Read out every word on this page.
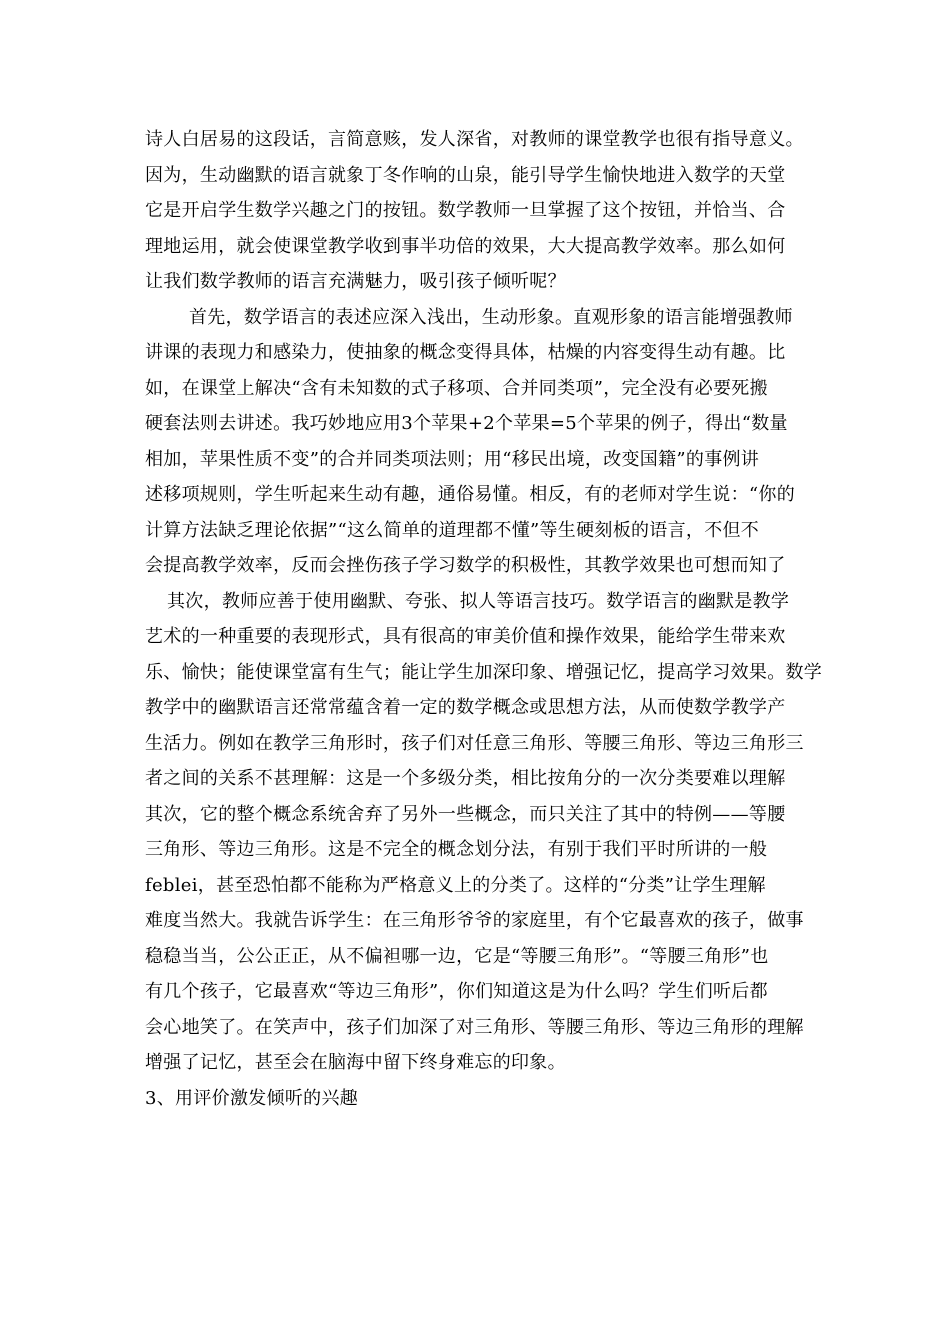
诗人白居易的这段话，言简意赅，发人深省，对教师的课堂教学也很有指导意义。
因为，生动幽默的语言就象丁冬作响的山泉，能引导学生愉快地进入数学的天堂
它是开启学生数学兴趣之门的按钮。数学教师一旦掌握了这个按钮，并恰当、合
理地运用，就会使课堂教学收到事半功倍的效果，大大提高教学效率。那么如何
让我们数学教师的语言充满魅力，吸引孩子倾听呢？
首先，数学语言的表述应深入浅出，生动形象。直观形象的语言能增强教师
讲课的表现力和感染力，使抽象的概念变得具体，枯燥的内容变得生动有趣。比
如，在课堂上解决“含有未知数的式子移项、合并同类项”，完全没有必要死搬
硬套法则去讲述。我巧妙地应用3个苹果+2个苹果=5个苹果的例子，得出“数量
相加，苹果性质不变”的合并同类项法则；用“移民出境，改变国籍”的事例讲
述移项规则，学生听起来生动有趣，通俗易懂。相反，有的老师对学生说：“你的
计算方法缺乏理论依据”“这么简单的道理都不懂”等生硬刻板的语言，不但不
会提高教学效率，反而会挫伤孩子学习数学的积极性，其教学效果也可想而知了
其次，教师应善于使用幽默、夸张、拟人等语言技巧。数学语言的幽默是教学
艺术的一种重要的表现形式，具有很高的审美价值和操作效果，能给学生带来欢
乐、愉快；能使课堂富有生气；能让学生加深印象、增强记忆，提高学习效果。数学
教学中的幽默语言还常常蕴含着一定的数学概念或思想方法，从而使数学教学产
生活力。例如在教学三角形时，孩子们对任意三角形、等腰三角形、等边三角形三
者之间的关系不甚理解：这是一个多级分类，相比按角分的一次分类要难以理解
其次，它的整个概念系统舍弃了另外一些概念，而只关注了其中的特例——等腰
三角形、等边三角形。这是不完全的概念划分法，有别于我们平时所讲的一般
feblei，甚至恐怕都不能称为严格意义上的分类了。这样的“分类”让学生理解
难度当然大。我就告诉学生：在三角形爷爷的家庭里，有个它最喜欢的孩子，做事
稳稳当当，公公正正，从不偏袒哪一边，它是“等腰三角形”。“等腰三角形”也
有几个孩子，它最喜欢“等边三角形”，你们知道这是为什么吗？学生们听后都
会心地笑了。在笑声中，孩子们加深了对三角形、等腰三角形、等边三角形的理解
增强了记忆，甚至会在脑海中留下终身难忘的印象。
3、用评价激发倾听的兴趣
